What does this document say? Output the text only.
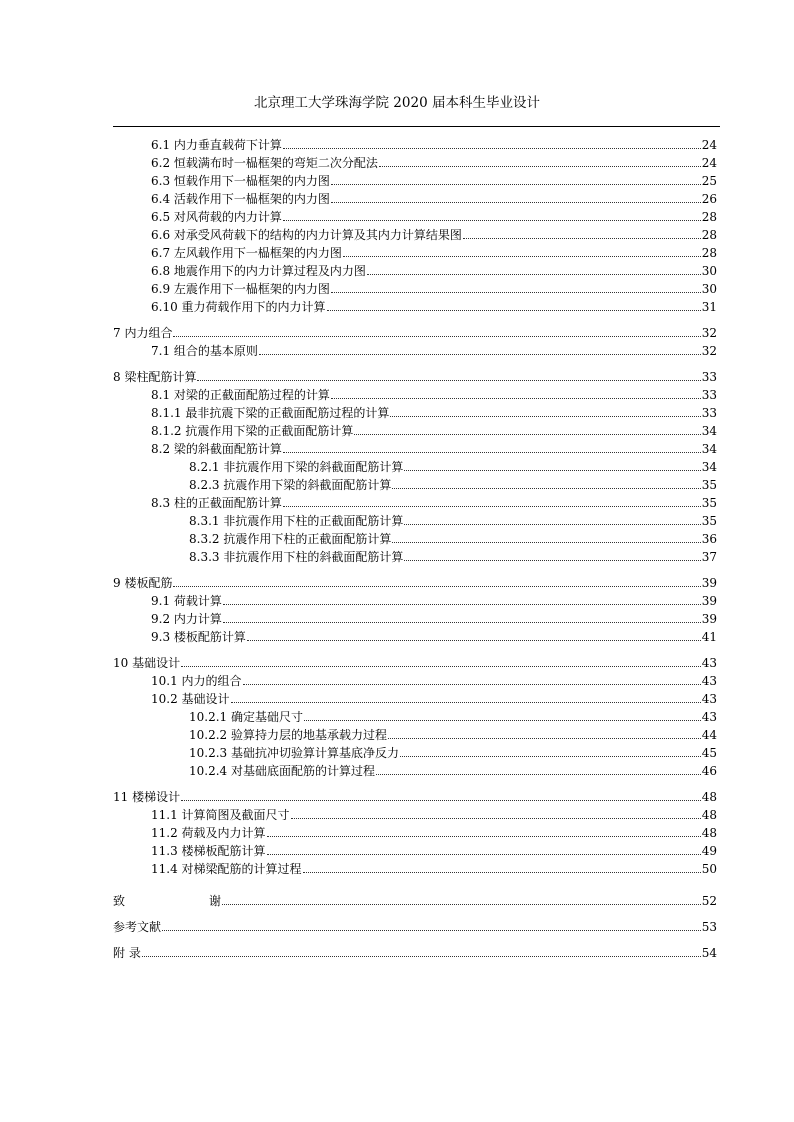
北京理工大学珠海学院 2020 届本科生毕业设计
6.1 内力垂直载荷下计算	24
6.2 恒载满布时一榀框架的弯矩二次分配法	24
6.3 恒载作用下一榀框架的内力图	25
6.4 活载作用下一榀框架的内力图	26
6.5 对风荷载的内力计算	28
6.6 对承受风荷载下的结构的内力计算及其内力计算结果图	28
6.7 左风载作用下一榀框架的内力图	28
6.8 地震作用下的内力计算过程及内力图	30
6.9 左震作用下一榀框架的内力图	30
6.10 重力荷载作用下的内力计算	31
7 内力组合	32
7.1 组合的基本原则	32
8 梁柱配筋计算	33
8.1 对梁的正截面配筋过程的计算	33
8.1.1 最非抗震下梁的正截面配筋过程的计算	33
8.1.2 抗震作用下梁的正截面配筋计算	34
8.2 梁的斜截面配筋计算	34
8.2.1 非抗震作用下梁的斜截面配筋计算	34
8.2.3 抗震作用下梁的斜截面配筋计算	35
8.3 柱的正截面配筋计算	35
8.3.1 非抗震作用下柱的正截面配筋计算	35
8.3.2 抗震作用下柱的正截面配筋计算	36
8.3.3 非抗震作用下柱的斜截面配筋计算	37
9 楼板配筋	39
9.1 荷载计算	39
9.2 内力计算	39
9.3 楼板配筋计算	41
10 基础设计	43
10.1 内力的组合	43
10.2 基础设计	43
10.2.1 确定基础尺寸	43
10.2.2 验算持力层的地基承载力过程	44
10.2.3 基础抗冲切验算计算基底净反力	45
10.2.4 对基础底面配筋的计算过程	46
11 楼梯设计	48
11.1 计算简图及截面尺寸	48
11.2 荷载及内力计算	48
11.3 楼梯板配筋计算	49
11.4 对梯梁配筋的计算过程	50
致　　　　　　　谢	52
参考文献	53
附 录	54
